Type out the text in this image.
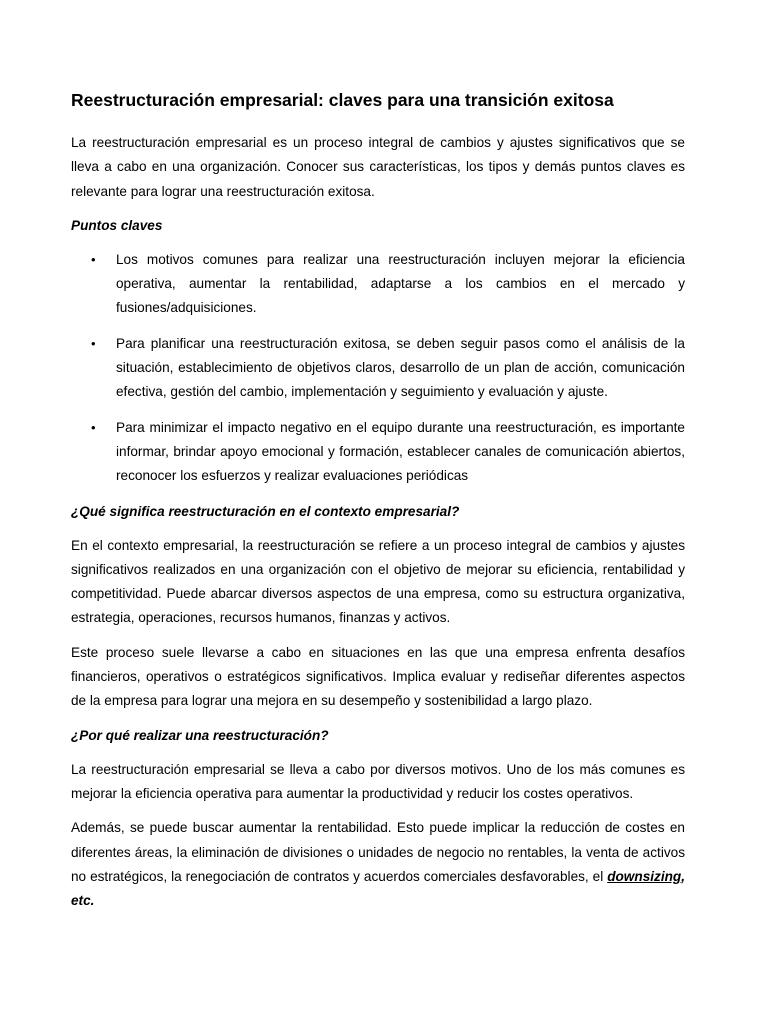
Reestructuración empresarial: claves para una transición exitosa

La reestructuración empresarial es un proceso integral de cambios y ajustes significativos que se lleva a cabo en una organización. Conocer sus características, los tipos y demás puntos claves es relevante para lograr una reestructuración exitosa.

Puntos claves
• Los motivos comunes para realizar una reestructuración incluyen mejorar la eficiencia operativa, aumentar la rentabilidad, adaptarse a los cambios en el mercado y fusiones/adquisiciones.
• Para planificar una reestructuración exitosa, se deben seguir pasos como el análisis de la situación, establecimiento de objetivos claros, desarrollo de un plan de acción, comunicación efectiva, gestión del cambio, implementación y seguimiento y evaluación y ajuste.
• Para minimizar el impacto negativo en el equipo durante una reestructuración, es importante informar, brindar apoyo emocional y formación, establecer canales de comunicación abiertos, reconocer los esfuerzos y realizar evaluaciones periódicas
¿Qué significa reestructuración en el contexto empresarial?

En el contexto empresarial, la reestructuración se refiere a un proceso integral de cambios y ajustes significativos realizados en una organización con el objetivo de mejorar su eficiencia, rentabilidad y competitividad. Puede abarcar diversos aspectos de una empresa, como su estructura organizativa, estrategia, operaciones, recursos humanos, finanzas y activos.

Este proceso suele llevarse a cabo en situaciones en las que una empresa enfrenta desafíos financieros, operativos o estratégicos significativos. Implica evaluar y rediseñar diferentes aspectos de la empresa para lograr una mejora en su desempeño y sostenibilidad a largo plazo.

¿Por qué realizar una reestructuración?

La reestructuración empresarial se lleva a cabo por diversos motivos. Uno de los más comunes es mejorar la eficiencia operativa para aumentar la productividad y reducir los costes operativos.

Además, se puede buscar aumentar la rentabilidad. Esto puede implicar la reducción de costes en diferentes áreas, la eliminación de divisiones o unidades de negocio no rentables, la venta de activos no estratégicos, la renegociación de contratos y acuerdos comerciales desfavorables, el downsizing, etc.
